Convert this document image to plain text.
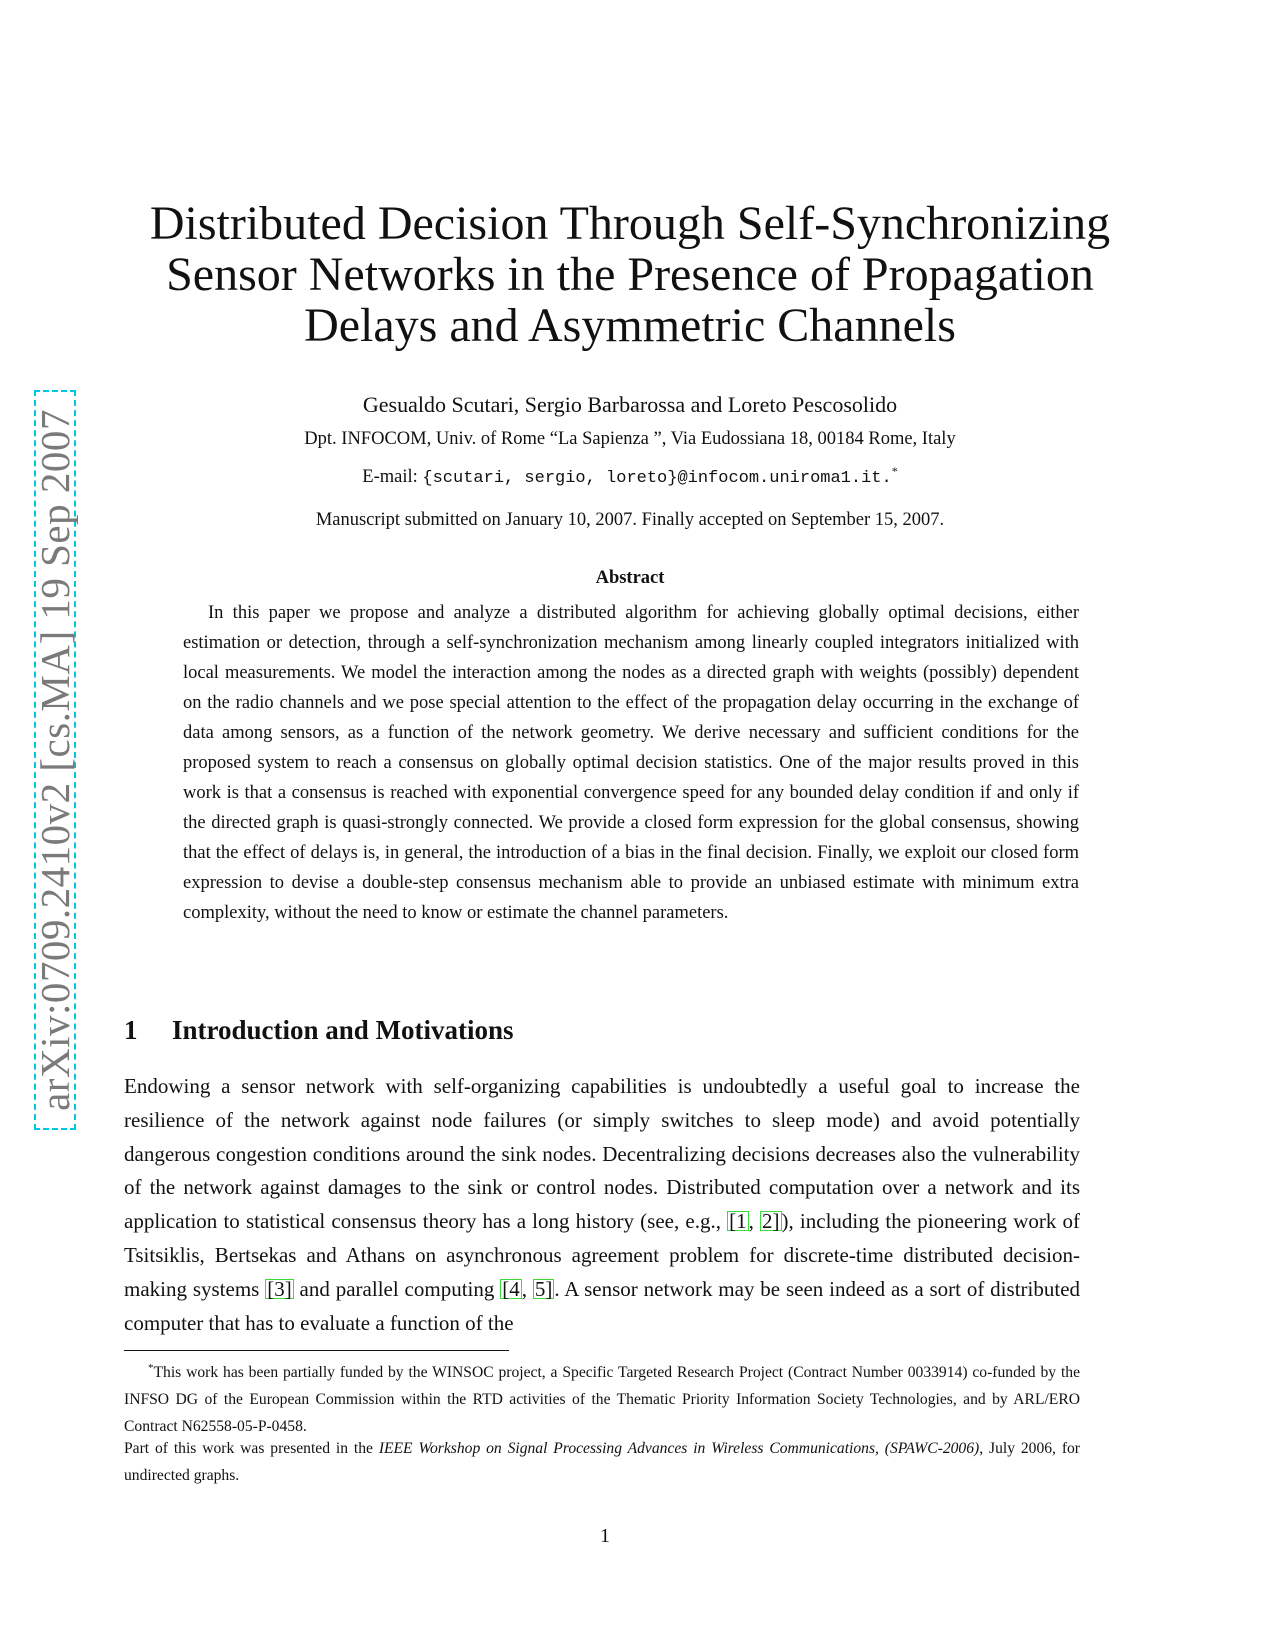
arXiv:0709.2410v2 [cs.MA] 19 Sep 2007
Distributed Decision Through Self-Synchronizing
Sensor Networks in the Presence of Propagation
Delays and Asymmetric Channels
Gesualdo Scutari, Sergio Barbarossa and Loreto Pescosolido
Dpt. INFOCOM, Univ. of Rome “La Sapienza ”, Via Eudossiana 18, 00184 Rome, Italy
E-mail: {scutari, sergio, loreto}@infocom.uniroma1.it.*
Manuscript submitted on January 10, 2007. Finally accepted on September 15, 2007.
Abstract

In this paper we propose and analyze a distributed algorithm for achieving globally optimal decisions, either estimation or detection, through a self-synchronization mechanism among linearly coupled integrators initialized with local measurements. We model the interaction among the nodes as a directed graph with weights (possibly) dependent on the radio channels and we pose special attention to the effect of the propagation delay occurring in the exchange of data among sensors, as a function of the network geometry. We derive necessary and sufficient conditions for the proposed system to reach a consensus on globally optimal decision statistics. One of the major results proved in this work is that a consensus is reached with exponential convergence speed for any bounded delay condition if and only if the directed graph is quasi-strongly connected. We provide a closed form expression for the global consensus, showing that the effect of delays is, in general, the introduction of a bias in the final decision. Finally, we exploit our closed form expression to devise a double-step consensus mechanism able to provide an unbiased estimate with minimum extra complexity, without the need to know or estimate the channel parameters.

1 Introduction and Motivations

Endowing a sensor network with self-organizing capabilities is undoubtedly a useful goal to increase the resilience of the network against node failures (or simply switches to sleep mode) and avoid potentially dangerous congestion conditions around the sink nodes. Decentralizing decisions decreases also the vulnerability of the network against damages to the sink or control nodes. Distributed computation over a network and its application to statistical consensus theory has a long history (see, e.g., [1, 2]), including the pioneering work of Tsitsiklis, Bertsekas and Athans on asynchronous agreement problem for discrete-time distributed decision-making systems [3] and parallel computing [4, 5]. A sensor network may be seen indeed as a sort of distributed computer that has to evaluate a function of the

*This work has been partially funded by the WINSOC project, a Specific Targeted Research Project (Contract Number 0033914) co-funded by the INFSO DG of the European Commission within the RTD activities of the Thematic Priority Information Society Technologies, and by ARL/ERO Contract N62558-05-P-0458.

Part of this work was presented in the IEEE Workshop on Signal Processing Advances in Wireless Communications, (SPAWC-2006), July 2006, for undirected graphs.

1
